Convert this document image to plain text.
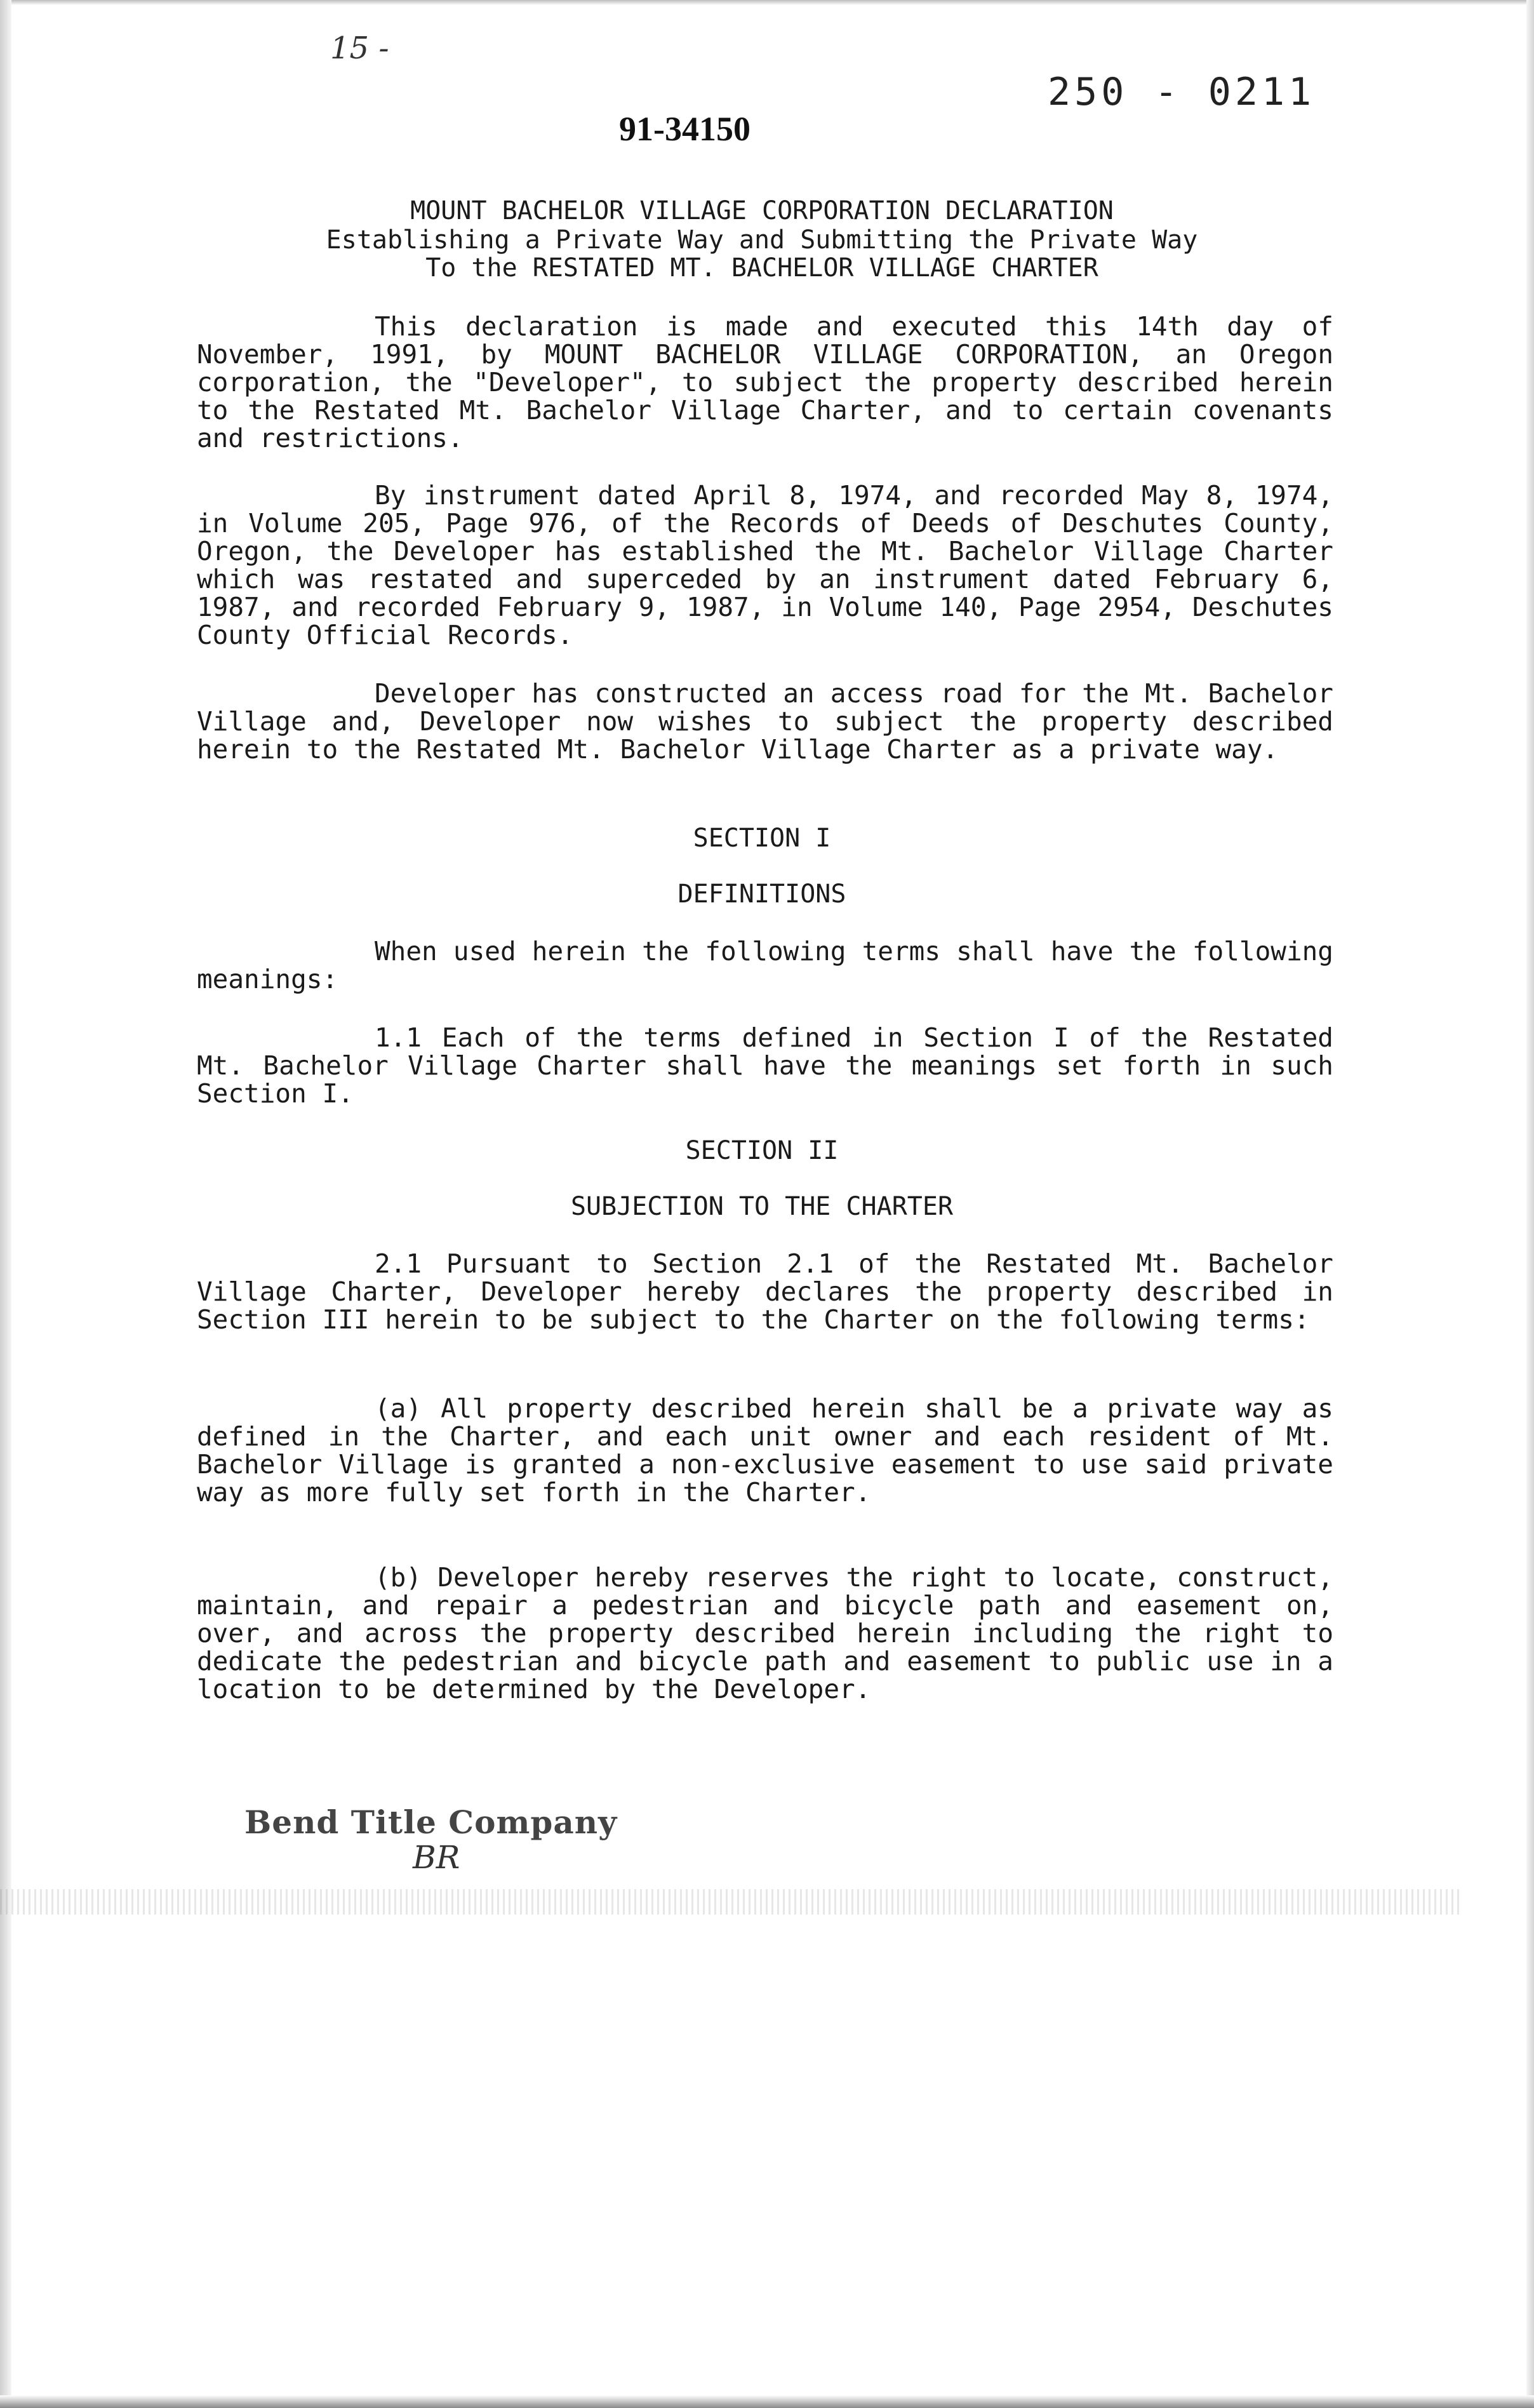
15 -

250 - 0211

91-34150

MOUNT BACHELOR VILLAGE CORPORATION DECLARATION

Establishing a Private Way and Submitting the Private Way

To the RESTATED MT. BACHELOR VILLAGE CHARTER

This declaration is made and executed this 14th day of November, 1991, by MOUNT BACHELOR VILLAGE CORPORATION, an Oregon corporation, the "Developer", to subject the property described herein to the Restated Mt. Bachelor Village Charter, and to certain covenants and restrictions.

By instrument dated April 8, 1974, and recorded May 8, 1974, in Volume 205, Page 976, of the Records of Deeds of Deschutes County, Oregon, the Developer has established the Mt. Bachelor Village Charter which was restated and superceded by an instrument dated February 6, 1987, and recorded February 9, 1987, in Volume 140, Page 2954, Deschutes County Official Records.

Developer has constructed an access road for the Mt. Bachelor Village and, Developer now wishes to subject the property described herein to the Restated Mt. Bachelor Village Charter as a private way.

SECTION I

DEFINITIONS

When used herein the following terms shall have the following meanings:

1.1 Each of the terms defined in Section I of the Restated Mt. Bachelor Village Charter shall have the meanings set forth in such Section I.

SECTION II

SUBJECTION TO THE CHARTER

2.1 Pursuant to Section 2.1 of the Restated Mt. Bachelor Village Charter, Developer hereby declares the property described in Section III herein to be subject to the Charter on the following terms:

(a) All property described herein shall be a private way as defined in the Charter, and each unit owner and each resident of Mt. Bachelor Village is granted a non-exclusive easement to use said private way as more fully set forth in the Charter.

(b) Developer hereby reserves the right to locate, construct, maintain, and repair a pedestrian and bicycle path and easement on, over, and across the property described herein including the right to dedicate the pedestrian and bicycle path and easement to public use in a location to be determined by the Developer.

Bend Title Company

BR
